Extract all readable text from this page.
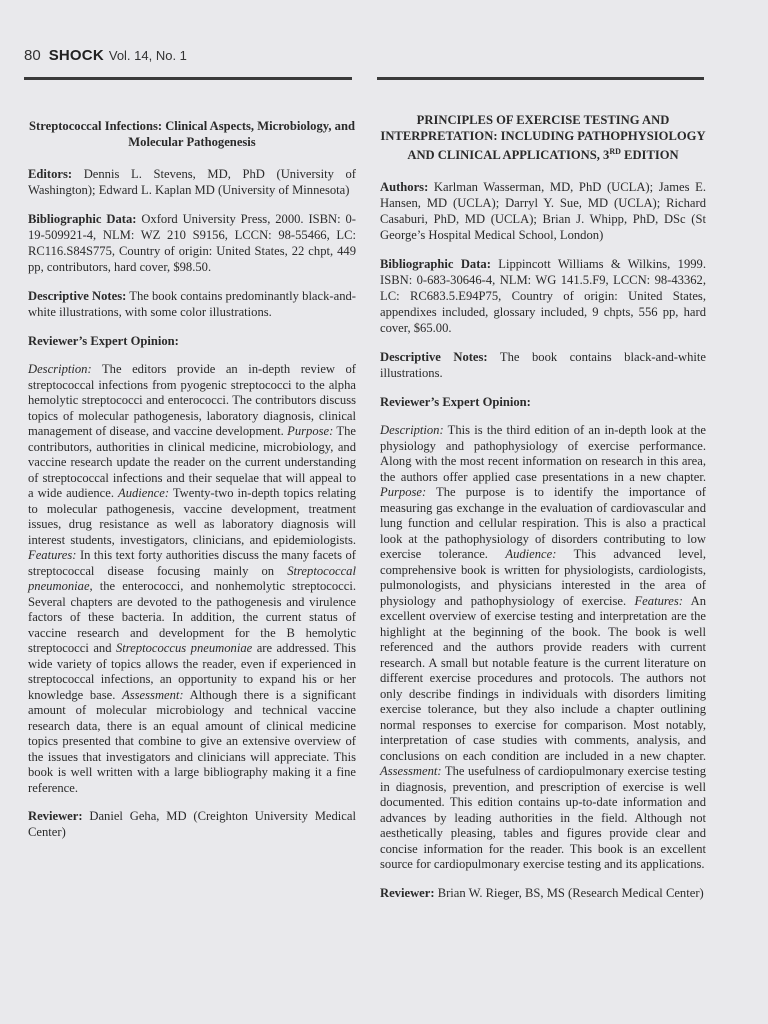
80 SHOCK Vol. 14, No. 1
Streptococcal Infections: Clinical Aspects, Microbiology, and Molecular Pathogenesis

Editors: Dennis L. Stevens, MD, PhD (University of Washington); Edward L. Kaplan MD (University of Minnesota)

Bibliographic Data: Oxford University Press, 2000. ISBN: 0-19-509921-4, NLM: WZ 210 S9156, LCCN: 98-55466, LC: RC116.S84S775, Country of origin: United States, 22 chpt, 449 pp, contributors, hard cover, $98.50.

Descriptive Notes: The book contains predominantly black-and-white illustrations, with some color illustrations.

Reviewer’s Expert Opinion:

Description: The editors provide an in-depth review of streptococcal infections from pyogenic streptococci to the alpha hemolytic streptococci and enterococci. The contributors discuss topics of molecular pathogenesis, laboratory diagnosis, clinical management of disease, and vaccine development. Purpose: The contributors, authorities in clinical medicine, microbiology, and vaccine research update the reader on the current understanding of streptococcal infections and their sequelae that will appeal to a wide audience. Audience: Twenty-two in-depth topics relating to molecular pathogenesis, vaccine development, treatment issues, drug resistance as well as laboratory diagnosis will interest students, investigators, clinicians, and epidemiologists. Features: In this text forty authorities discuss the many facets of streptococcal disease focusing mainly on Streptococcal pneumoniae, the enterococci, and nonhemolytic streptococci. Several chapters are devoted to the pathogenesis and virulence factors of these bacteria. In addition, the current status of vaccine research and development for the B hemolytic streptococci and Streptococcus pneumoniae are addressed. This wide variety of topics allows the reader, even if experienced in streptococcal infections, an opportunity to expand his or her knowledge base. Assessment: Although there is a significant amount of molecular microbiology and technical vaccine research data, there is an equal amount of clinical medicine topics presented that combine to give an extensive overview of the issues that investigators and clinicians will appreciate. This book is well written with a large bibliography making it a fine reference.

Reviewer: Daniel Geha, MD (Creighton University Medical Center)

PRINCIPLES OF EXERCISE TESTING AND INTERPRETATION: INCLUDING PATHOPHYSIOLOGY AND CLINICAL APPLICATIONS, 3RD EDITION

Authors: Karlman Wasserman, MD, PhD (UCLA); James E. Hansen, MD (UCLA); Darryl Y. Sue, MD (UCLA); Richard Casaburi, PhD, MD (UCLA); Brian J. Whipp, PhD, DSc (St George’s Hospital Medical School, London)

Bibliographic Data: Lippincott Williams & Wilkins, 1999. ISBN: 0-683-30646-4, NLM: WG 141.5.F9, LCCN: 98-43362, LC: RC683.5.E94P75, Country of origin: United States, appendixes included, glossary included, 9 chpts, 556 pp, hard cover, $65.00.

Descriptive Notes: The book contains black-and-white illustrations.

Reviewer’s Expert Opinion:

Description: This is the third edition of an in-depth look at the physiology and pathophysiology of exercise performance. Along with the most recent information on research in this area, the authors offer applied case presentations in a new chapter. Purpose: The purpose is to identify the importance of measuring gas exchange in the evaluation of cardiovascular and lung function and cellular respiration. This is also a practical look at the pathophysiology of disorders contributing to low exercise tolerance. Audience: This advanced level, comprehensive book is written for physiologists, cardiologists, pulmonologists, and physicians interested in the area of physiology and pathophysiology of exercise. Features: An excellent overview of exercise testing and interpretation are the highlight at the beginning of the book. The book is well referenced and the authors provide readers with current research. A small but notable feature is the current literature on different exercise procedures and protocols. The authors not only describe findings in individuals with disorders limiting exercise tolerance, but they also include a chapter outlining normal responses to exercise for comparison. Most notably, interpretation of case studies with comments, analysis, and conclusions on each condition are included in a new chapter. Assessment: The usefulness of cardiopulmonary exercise testing in diagnosis, prevention, and prescription of exercise is well documented. This edition contains up-to-date information and advances by leading authorities in the field. Although not aesthetically pleasing, tables and figures provide clear and concise information for the reader. This book is an excellent source for cardiopulmonary exercise testing and its applications.

Reviewer: Brian W. Rieger, BS, MS (Research Medical Center)
